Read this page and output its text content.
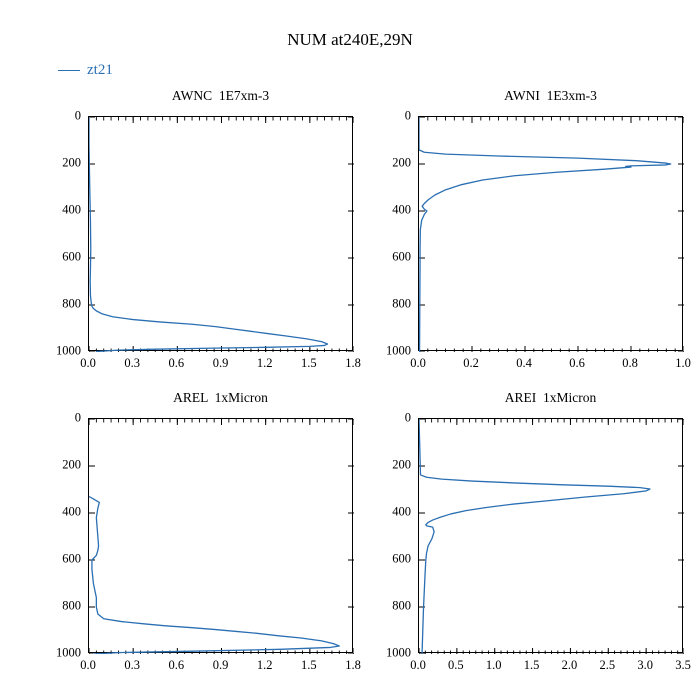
NUM at240E,29N
zt21
AWNC  1E7xm-3
0
200
400
600
800
1000
0.0 0.3 0.6 0.9 1.2 1.5 1.8
AWNI  1E3xm-3
0
200
400
600
800
1000
0.0	0.2	0.4	0.6	0.8	1.0
AREL  1xMicron
0
200
400
600
800
1000
0.0 0.3 0.6 0.9 1.2 1.5 1.8
AREI  1xMicron
0
200
400
600
800
1000
0.0 0.5 1.0 1.5 2.0 2.5 3.0 3.5
